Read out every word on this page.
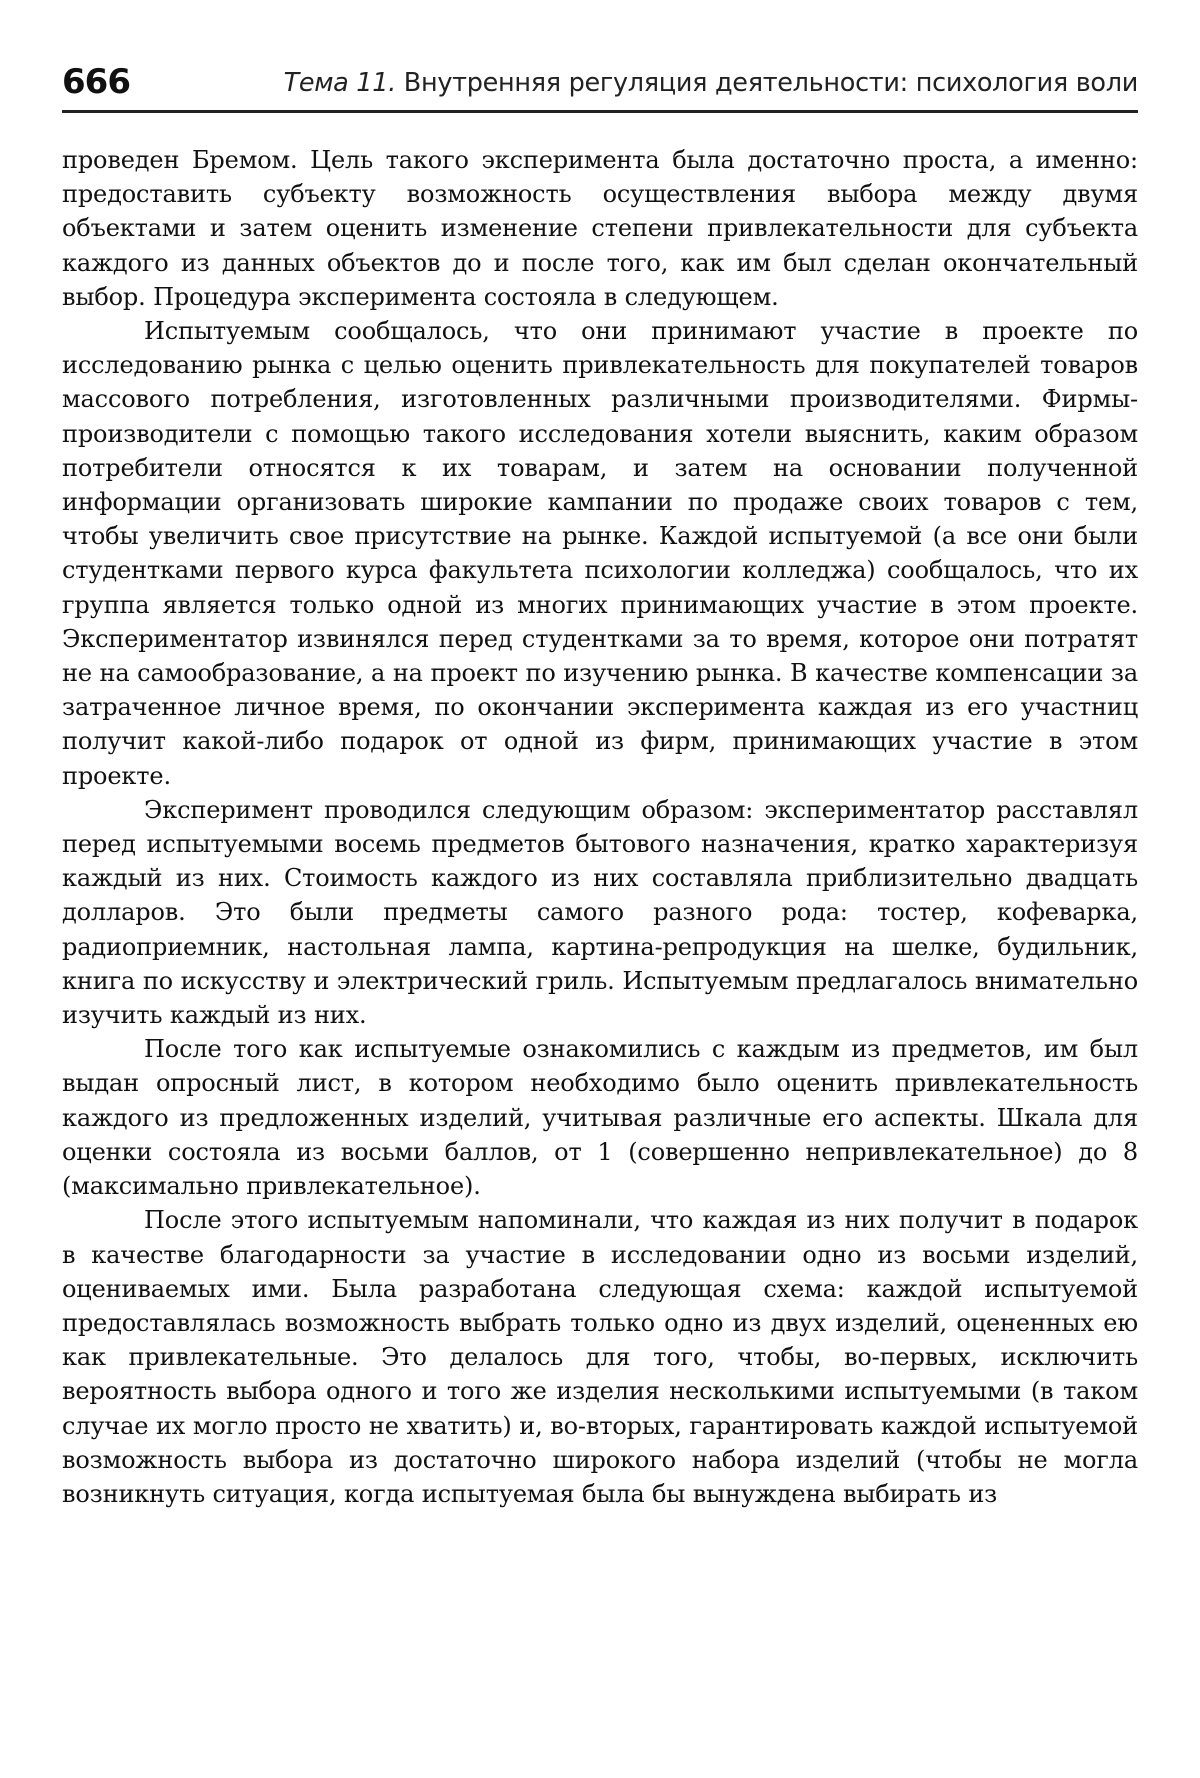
666	Тема 11. Внутренняя регуляция деятельности: психология воли

проведен Бремом. Цель такого эксперимента была достаточно проста, а именно: предоставить субъекту возможность осуществления выбора между двумя объектами и затем оценить изменение степени привлекательности для субъекта каждого из данных объектов до и после того, как им был сделан окончательный выбор. Процедура эксперимента состояла в следующем.

Испытуемым сообщалось, что они принимают участие в проекте по исследованию рынка с целью оценить привлекательность для покупателей товаров массового потребления, изготовленных различными производителями. Фирмы-производители с помощью такого исследования хотели выяснить, каким образом потребители относятся к их товарам, и затем на основании полученной информации организовать широкие кампании по продаже своих товаров с тем, чтобы увеличить свое присутствие на рынке. Каждой испытуемой (а все они были студентками первого курса факультета психологии колледжа) сообщалось, что их группа является только одной из многих принимающих участие в этом проекте. Экспериментатор извинялся перед студентками за то время, которое они потратят не на самообразование, а на проект по изучению рынка. В качестве компенсации за затраченное личное время, по окончании эксперимента каждая из его участниц получит какой-либо подарок от одной из фирм, принимающих участие в этом проекте.

Эксперимент проводился следующим образом: экспериментатор расставлял перед испытуемыми восемь предметов бытового назначения, кратко характеризуя каждый из них. Стоимость каждого из них составляла приблизительно двадцать долларов. Это были предметы самого разного рода: тостер, кофеварка, радиоприемник, настольная лампа, картина-репродукция на шелке, будильник, книга по искусству и электрический гриль. Испытуемым предлагалось внимательно изучить каждый из них.

После того как испытуемые ознакомились с каждым из предметов, им был выдан опросный лист, в котором необходимо было оценить привлекательность каждого из предложенных изделий, учитывая различные его аспекты. Шкала для оценки состояла из восьми баллов, от 1 (совершенно непривлекательное) до 8 (максимально привлекательное).

После этого испытуемым напоминали, что каждая из них получит в подарок в качестве благодарности за участие в исследовании одно из восьми изделий, оцениваемых ими. Была разработана следующая схема: каждой испытуемой предоставлялась возможность выбрать только одно из двух изделий, оцененных ею как привлекательные. Это делалось для того, чтобы, во-первых, исключить вероятность выбора одного и того же изделия несколькими испытуемыми (в таком случае их могло просто не хватить) и, во-вторых, гарантировать каждой испытуемой возможность выбора из достаточно широкого набора изделий (чтобы не могла возникнуть ситуация, когда испытуемая была бы вынуждена выбирать из
